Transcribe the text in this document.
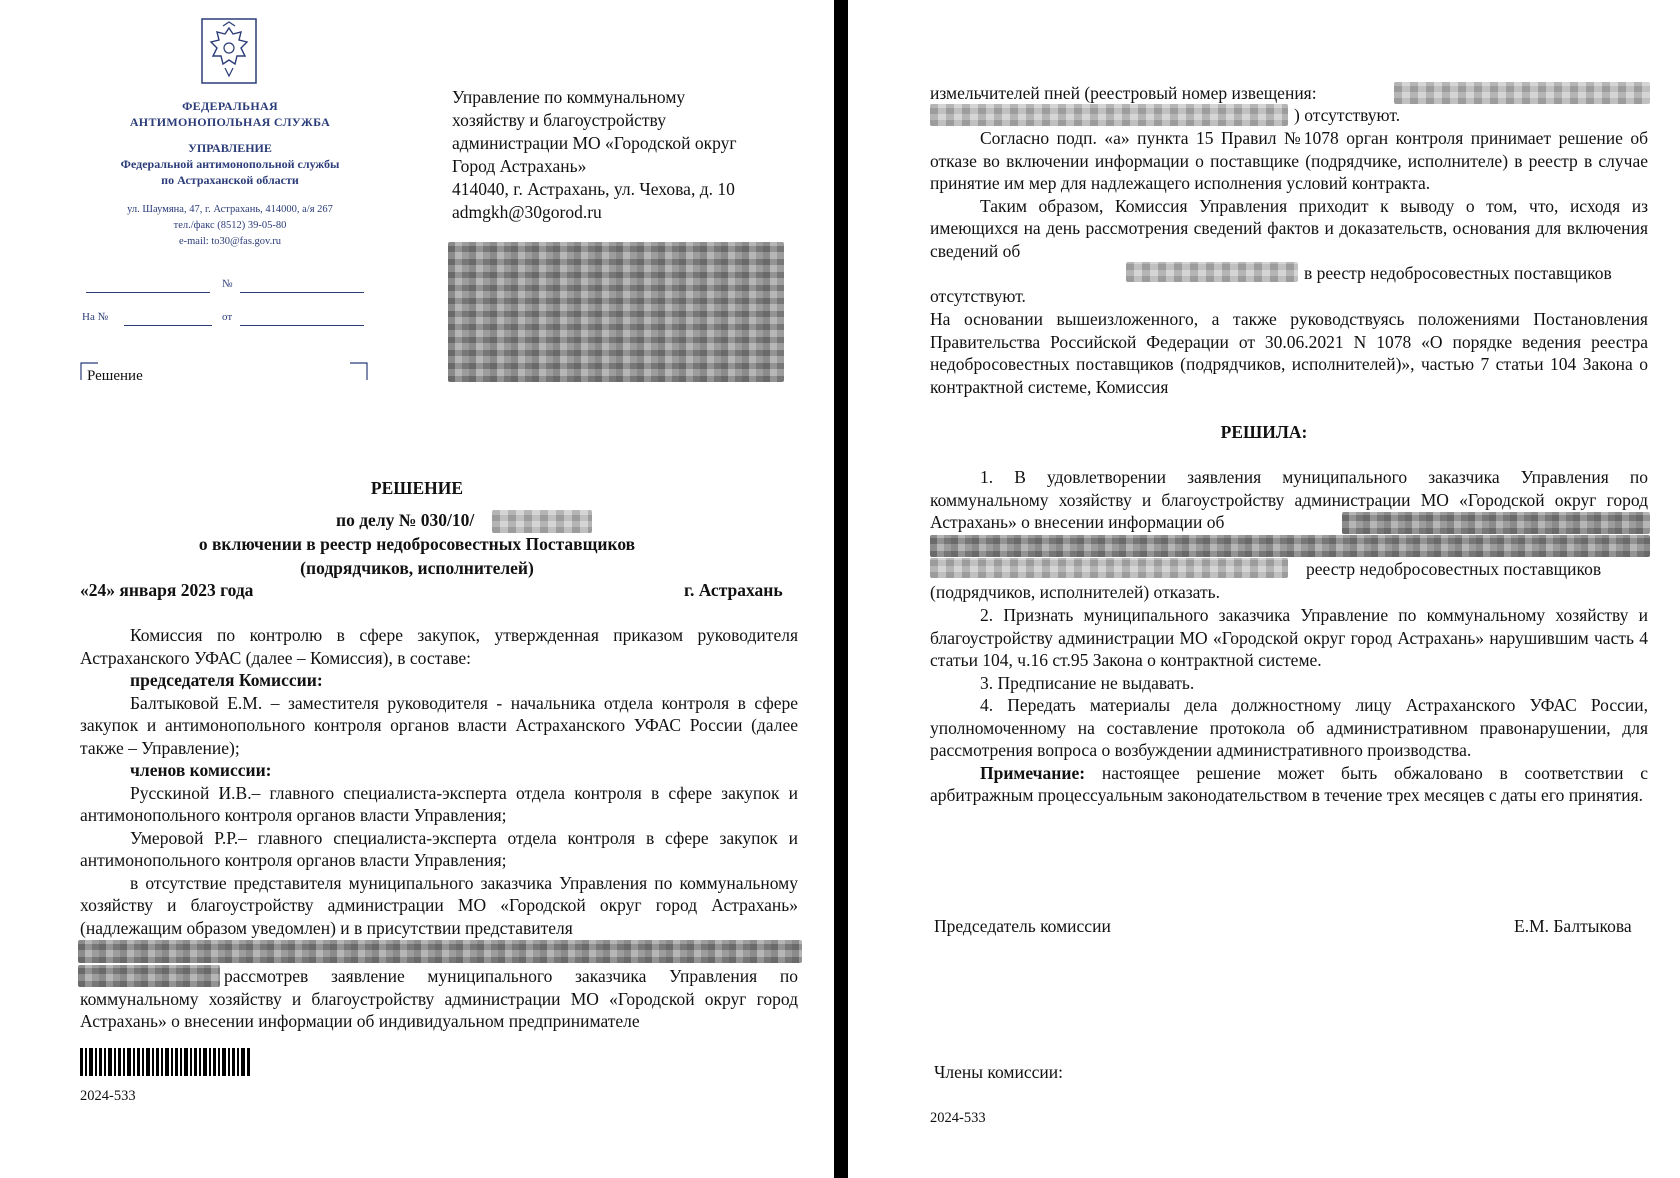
ФЕДЕРАЛЬНАЯ
АНТИМОНОПОЛЬНАЯ СЛУЖБА
УПРАВЛЕНИЕ
Федеральной антимонопольной службы
по Астраханской области
ул. Шаумяна, 47, г. Астрахань, 414000, а/я 267
тел./факс (8512) 39-05-80
e-mail: to30@fas.gov.ru
№
На №	от
Решение
Управление по коммунальному
хозяйству и благоустройству
администрации МО «Городской округ
Город Астрахань»
414040, г. Астрахань, ул. Чехова, д. 10
admgkh@30gorod.ru
РЕШЕНИЕ
по делу № 030/10/
о включении в реестр недобросовестных Поставщиков
(подрядчиков, исполнителей)
«24» января 2023 года	г. Астрахань

Комиссия по контролю в сфере закупок, утвержденная приказом руководителя Астраханского УФАС (далее – Комиссия), в составе:

председателя Комиссии:

Балтыковой Е.М. – заместителя руководителя - начальника отдела контроля в сфере закупок и антимонопольного контроля органов власти Астраханского УФАС России (далее также – Управление);

членов комиссии:

Русскиной И.В.– главного специалиста-эксперта отдела контроля в сфере закупок и антимонопольного контроля органов власти Управления;

Умеровой Р.Р.– главного специалиста-эксперта отдела контроля в сфере закупок и антимонопольного контроля органов власти Управления;

в отсутствие представителя муниципального заказчика Управления по коммунальному хозяйству и благоустройству администрации МО «Городской округ город Астрахань» (надлежащим образом уведомлен) и в присутствии представителя

рассмотрев заявление муниципального заказчика Управления по коммунальному хозяйству и благоустройству администрации МО «Городской округ город Астрахань» о внесении информации об индивидуальном предпринимателе
2024-533
измельчителей пней (реестровый номер извещения:
) отсутствуют.

Согласно подп. «а» пункта 15 Правил №1078 орган контроля принимает решение об отказе во включении информации о поставщике (подрядчике, исполнителе) в реестр в случае принятие им мер для надлежащего исполнения условий контракта.

Таким образом, Комиссия Управления приходит к выводу о том, что, исходя из имеющихся на день рассмотрения сведений фактов и доказательств, основания для включения сведений об

в реестр недобросовестных поставщиков
отсутствуют.
На основании вышеизложенного, а также руководствуясь положениями Постановления Правительства Российской Федерации от 30.06.2021 N 1078 «О порядке ведения реестра недобросовестных поставщиков (подрядчиков, исполнителей)», частью 7 статьи 104 Закона о контрактной системе, Комиссия
РЕШИЛА:
1. В удовлетворении заявления муниципального заказчика Управления по коммунальному хозяйству и благоустройству администрации МО «Городской округ город Астрахань» о внесении информации об
реестр недобросовестных поставщиков
(подрядчиков, исполнителей) отказать.

2. Признать муниципального заказчика Управление по коммунальному хозяйству и благоустройству администрации МО «Городской округ город Астрахань» нарушившим часть 4 статьи 104, ч.16 ст.95 Закона о контрактной системе.

3. Предписание не выдавать.

4. Передать материалы дела должностному лицу Астраханского УФАС России, уполномоченному на составление протокола об административном правонарушении, для рассмотрения вопроса о возбуждении административного производства.

Примечание: настоящее решение может быть обжаловано в соответствии с арбитражным процессуальным законодательством в течение трех месяцев с даты его принятия.

Председатель комиссии	Е.М. Балтыкова
Члены комиссии:
2024-533
